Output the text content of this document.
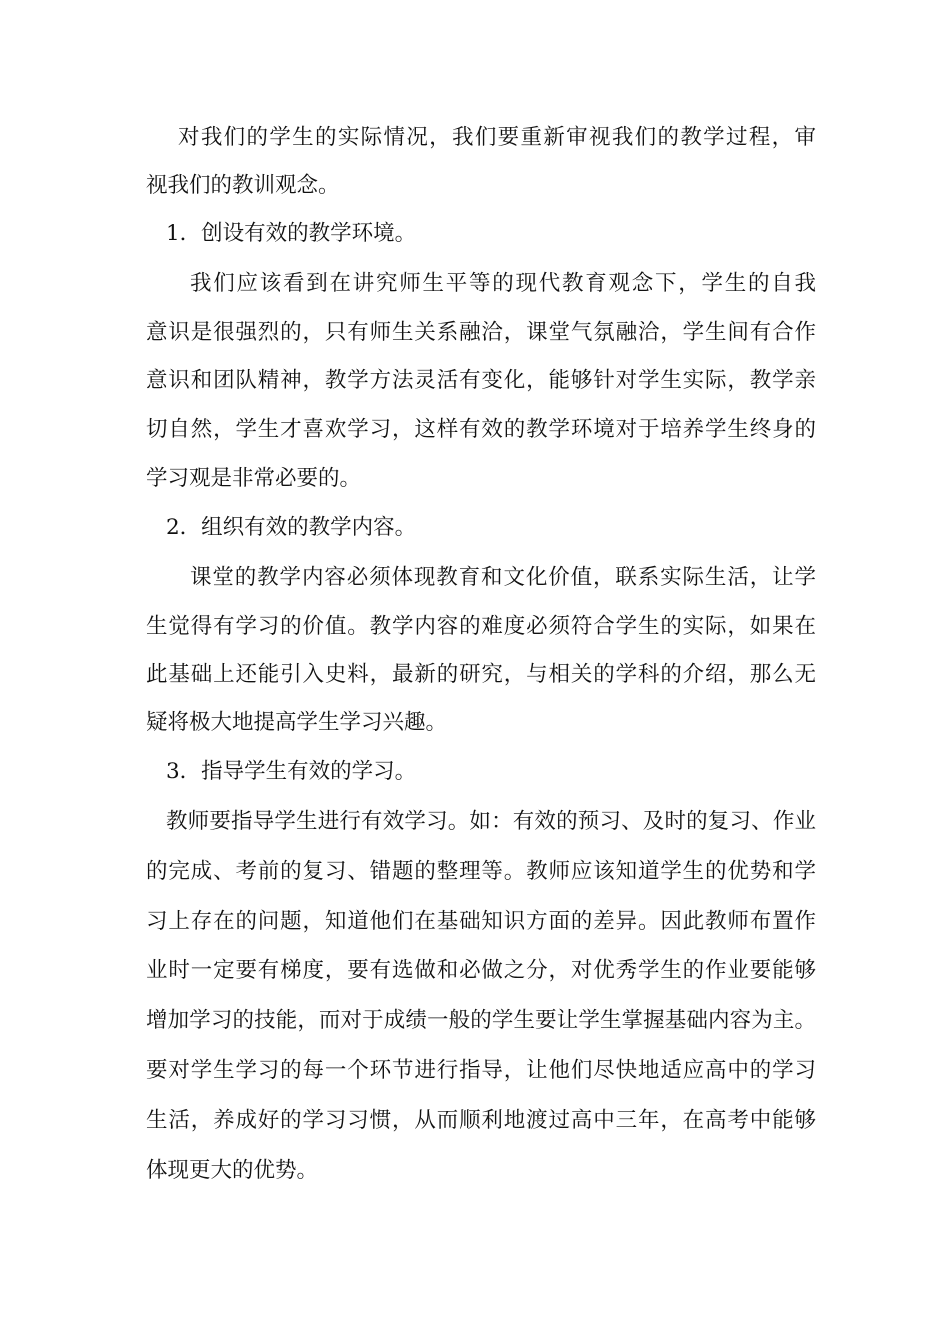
对我们的学生的实际情况，我们要重新审视我们的教学过程，审
视我们的教训观念。
1．创设有效的教学环境。
我们应该看到在讲究师生平等的现代教育观念下，学生的自我
意识是很强烈的，只有师生关系融洽，课堂气氛融洽，学生间有合作
意识和团队精神，教学方法灵活有变化，能够针对学生实际，教学亲
切自然，学生才喜欢学习，这样有效的教学环境对于培养学生终身的
学习观是非常必要的。
2．组织有效的教学内容。
课堂的教学内容必须体现教育和文化价值，联系实际生活，让学
生觉得有学习的价值。教学内容的难度必须符合学生的实际，如果在
此基础上还能引入史料，最新的研究，与相关的学科的介绍，那么无
疑将极大地提高学生学习兴趣。
3．指导学生有效的学习。
教师要指导学生进行有效学习。如：有效的预习、及时的复习、作业
的完成、考前的复习、错题的整理等。教师应该知道学生的优势和学
习上存在的问题，知道他们在基础知识方面的差异。因此教师布置作
业时一定要有梯度，要有选做和必做之分，对优秀学生的作业要能够
增加学习的技能，而对于成绩一般的学生要让学生掌握基础内容为主。
要对学生学习的每一个环节进行指导，让他们尽快地适应高中的学习
生活，养成好的学习习惯，从而顺利地渡过高中三年，在高考中能够
体现更大的优势。
